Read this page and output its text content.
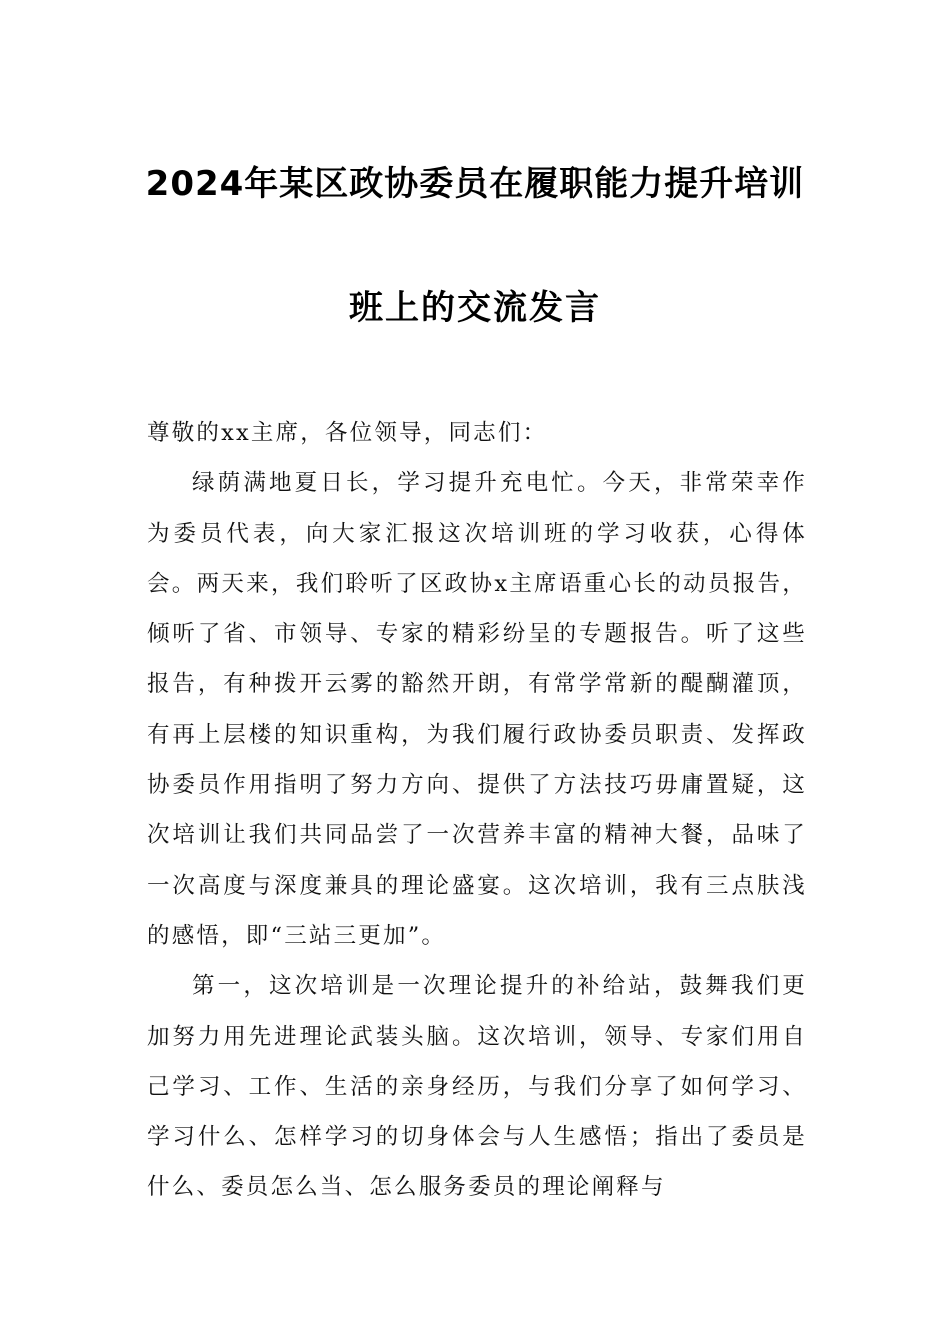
2024年某区政协委员在履职能力提升培训
班上的交流发言

尊敬的xx主席，各位领导，同志们：

绿荫满地夏日长，学习提升充电忙。今天，非常荣幸作为委员代表，向大家汇报这次培训班的学习收获，心得体会。两天来，我们聆听了区政协x主席语重心长的动员报告，倾听了省、市领导、专家的精彩纷呈的专题报告。听了这些报告，有种拨开云雾的豁然开朗，有常学常新的醍醐灌顶，有再上层楼的知识重构，为我们履行政协委员职责、发挥政协委员作用指明了努力方向、提供了方法技巧毋庸置疑，这次培训让我们共同品尝了一次营养丰富的精神大餐，品味了一次高度与深度兼具的理论盛宴。这次培训，我有三点肤浅的感悟，即“三站三更加”。

第一，这次培训是一次理论提升的补给站，鼓舞我们更加努力用先进理论武装头脑。这次培训，领导、专家们用自己学习、工作、生活的亲身经历，与我们分享了如何学习、学习什么、怎样学习的切身体会与人生感悟；指出了委员是什么、委员怎么当、怎么服务委员的理论阐释与
